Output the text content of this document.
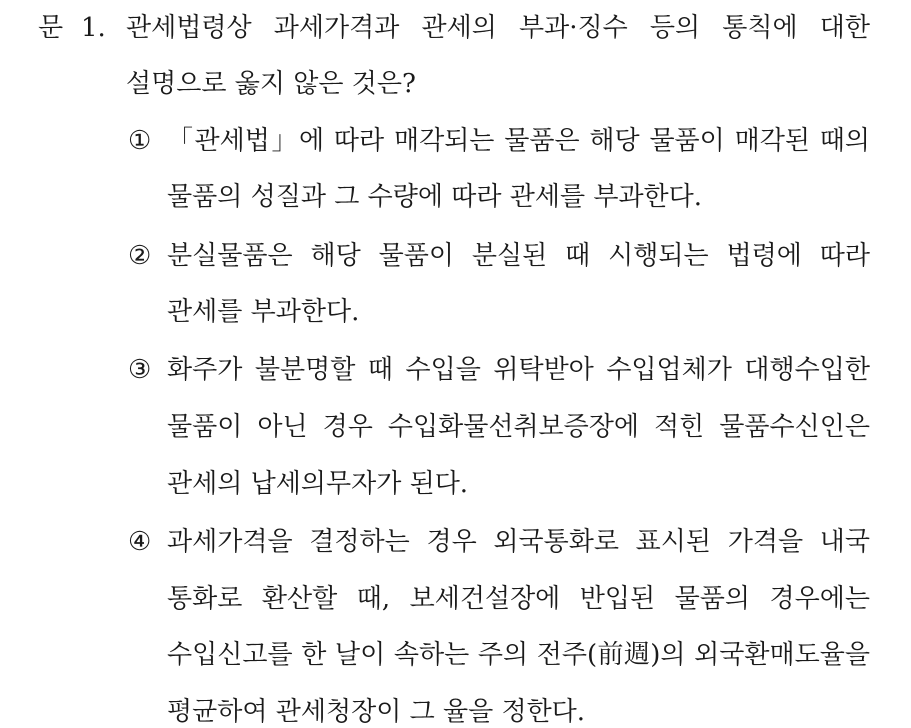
문 1. 관세법령상 과세가격과 관세의 부과·징수 등의 통칙에 대한
설명으로 옳지 않은 것은?
① 「관세법」에 따라 매각되는 물품은 해당 물품이 매각된 때의
물품의 성질과 그 수량에 따라 관세를 부과한다.
② 분실물품은 해당 물품이 분실된 때 시행되는 법령에 따라
관세를 부과한다.
③ 화주가 불분명할 때 수입을 위탁받아 수입업체가 대행수입한
물품이 아닌 경우 수입화물선취보증장에 적힌 물품수신인은
관세의 납세의무자가 된다.
④ 과세가격을 결정하는 경우 외국통화로 표시된 가격을 내국
통화로 환산할 때, 보세건설장에 반입된 물품의 경우에는
수입신고를 한 날이 속하는 주의 전주(前週)의 외국환매도율을
평균하여 관세청장이 그 율을 정한다.
